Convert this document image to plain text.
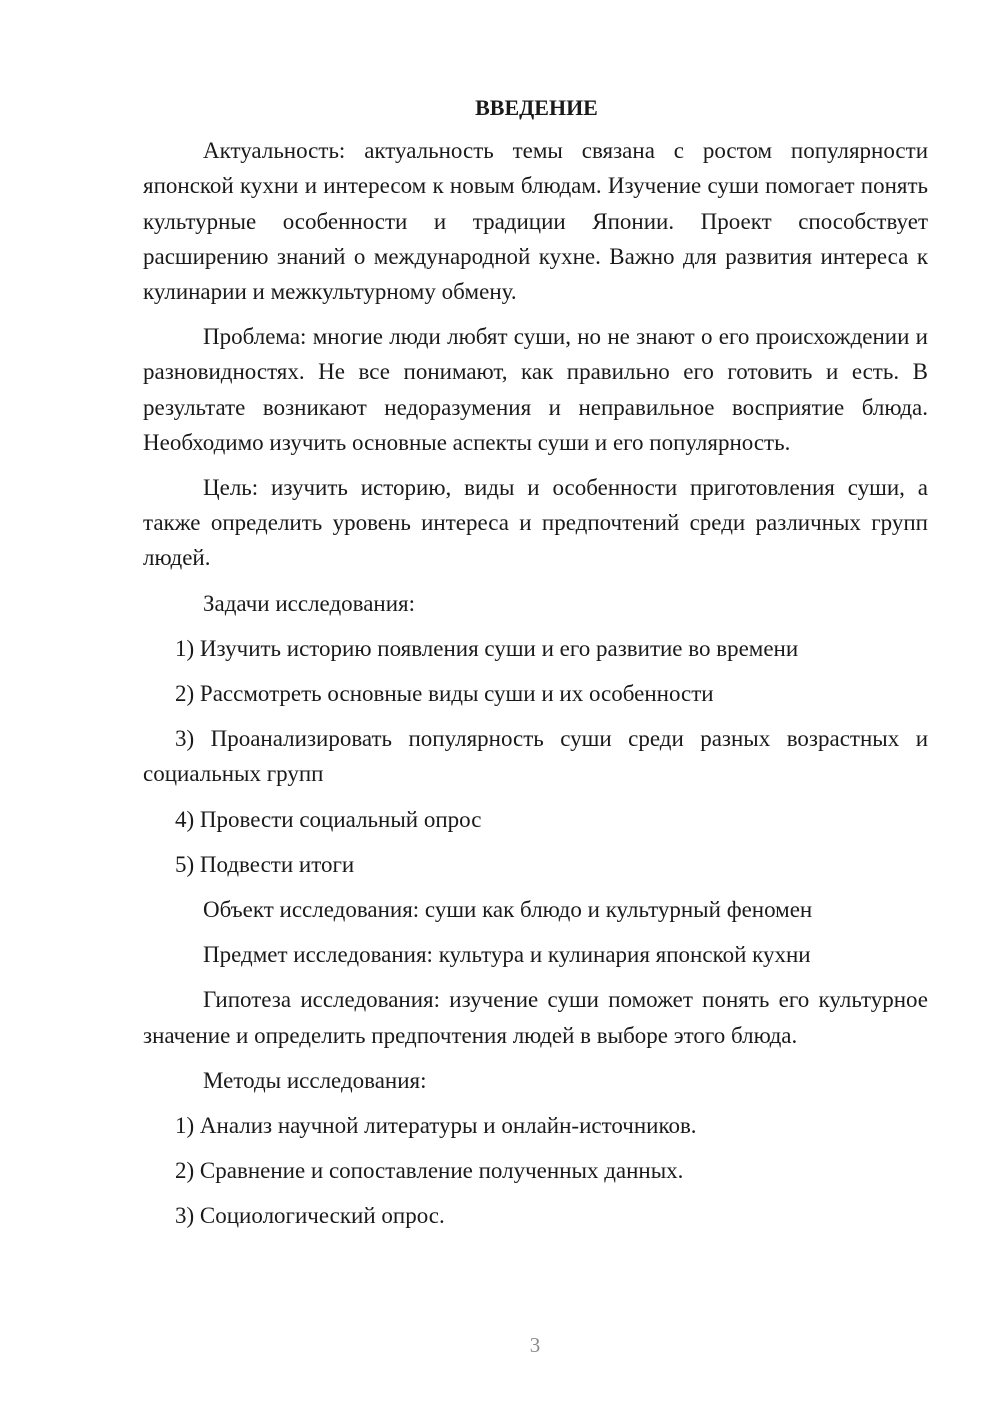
ВВЕДЕНИЕ

Актуальность: актуальность темы связана с ростом популярности японской кухни и интересом к новым блюдам. Изучение суши помогает понять культурные особенности и традиции Японии. Проект способствует расширению знаний о международной кухне. Важно для развития интереса к кулинарии и межкультурному обмену.

Проблема: многие люди любят суши, но не знают о его происхождении и разновидностях. Не все понимают, как правильно его готовить и есть. В результате возникают недоразумения и неправильное восприятие блюда. Необходимо изучить основные аспекты суши и его популярность.

Цель: изучить историю, виды и особенности приготовления суши, а также определить уровень интереса и предпочтений среди различных групп людей.

Задачи исследования:

1) Изучить историю появления суши и его развитие во времени

2) Рассмотреть основные виды суши и их особенности

3) Проанализировать популярность суши среди разных возрастных и социальных групп

4) Провести социальный опрос

5) Подвести итоги

Объект исследования: суши как блюдо и культурный феномен

Предмет исследования: культура и кулинария японской кухни

Гипотеза исследования: изучение суши поможет понять его культурное значение и определить предпочтения людей в выборе этого блюда.

Методы исследования:

1) Анализ научной литературы и онлайн-источников.

2) Сравнение и сопоставление полученных данных.

3) Социологический опрос.

3
